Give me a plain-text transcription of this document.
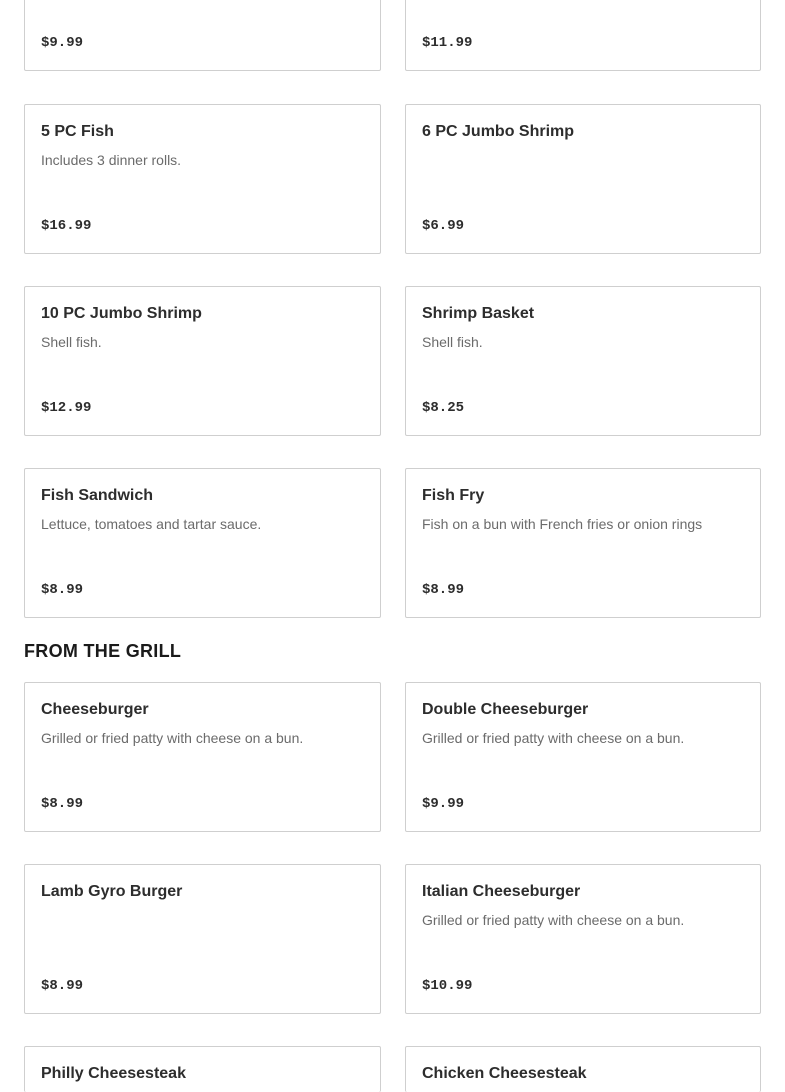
$9.99	$11.99
5 PC Fish
Includes 3 dinner rolls.
$16.99
6 PC Jumbo Shrimp
$6.99
10 PC Jumbo Shrimp
Shell fish.
$12.99
Shrimp Basket
Shell fish.
$8.25
Fish Sandwich
Lettuce, tomatoes and tartar sauce.
$8.99
Fish Fry
Fish on a bun with French fries or onion rings
$8.99
FROM THE GRILL
Cheeseburger
Grilled or fried patty with cheese on a bun.
$8.99
Double Cheeseburger
Grilled or fried patty with cheese on a bun.
$9.99
Lamb Gyro Burger
$8.99
Italian Cheeseburger
Grilled or fried patty with cheese on a bun.
$10.99
Philly Cheesesteak	Chicken Cheesesteak
